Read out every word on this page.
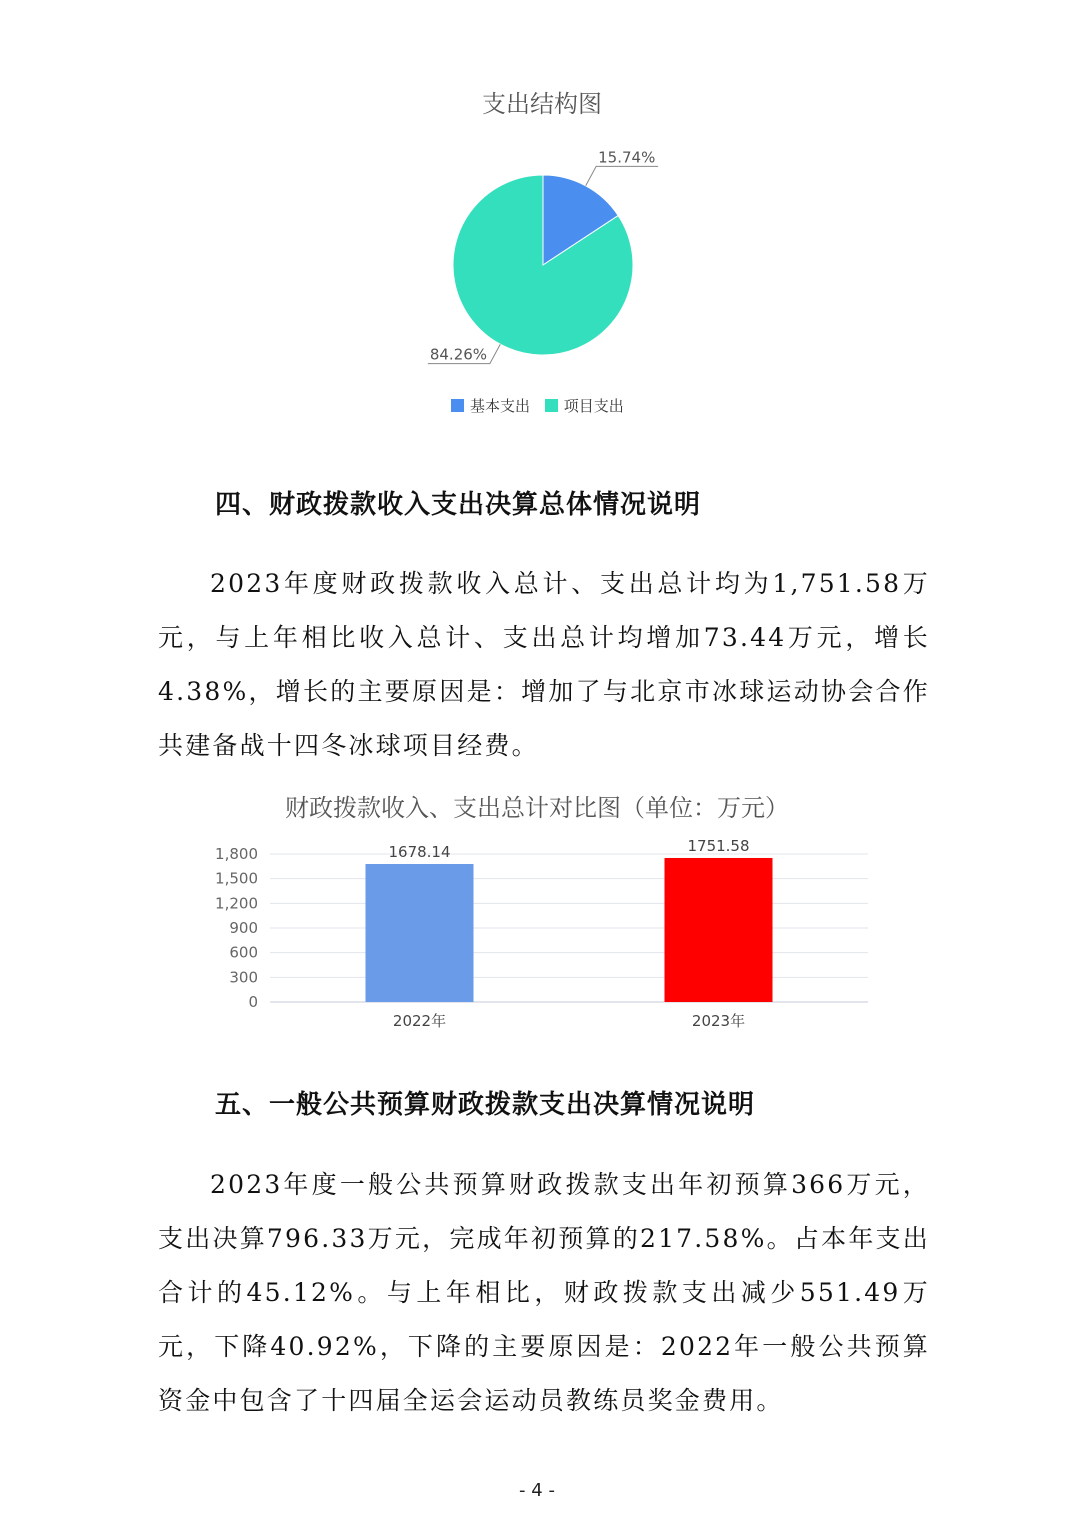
支出结构图
15.74%
84.26%
基本支出 项目支出
四、财政拨款收入支出决算总体情况说明
2023年度财政拨款收入总计、支出总计均为1,751.58万元，与上年相比收入总计、支出总计均增加73.44万元，增长4.38%，增长的主要原因是：增加了与北京市冰球运动协会合作共建备战十四冬冰球项目经费。
财政拨款收入、支出总计对比图（单位：万元）
0
300
600
900
1,200
1,500
1,800	1678.14
2022年
1751.58
2023年
五、一般公共预算财政拨款支出决算情况说明
2023年度一般公共预算财政拨款支出年初预算366万元，支出决算796.33万元，完成年初预算的217.58%。占本年支出合计的45.12%。与上年相比，财政拨款支出减少551.49万元，下降40.92%，下降的主要原因是：2022年一般公共预算资金中包含了十四届全运会运动员教练员奖金费用。
- 4 -
